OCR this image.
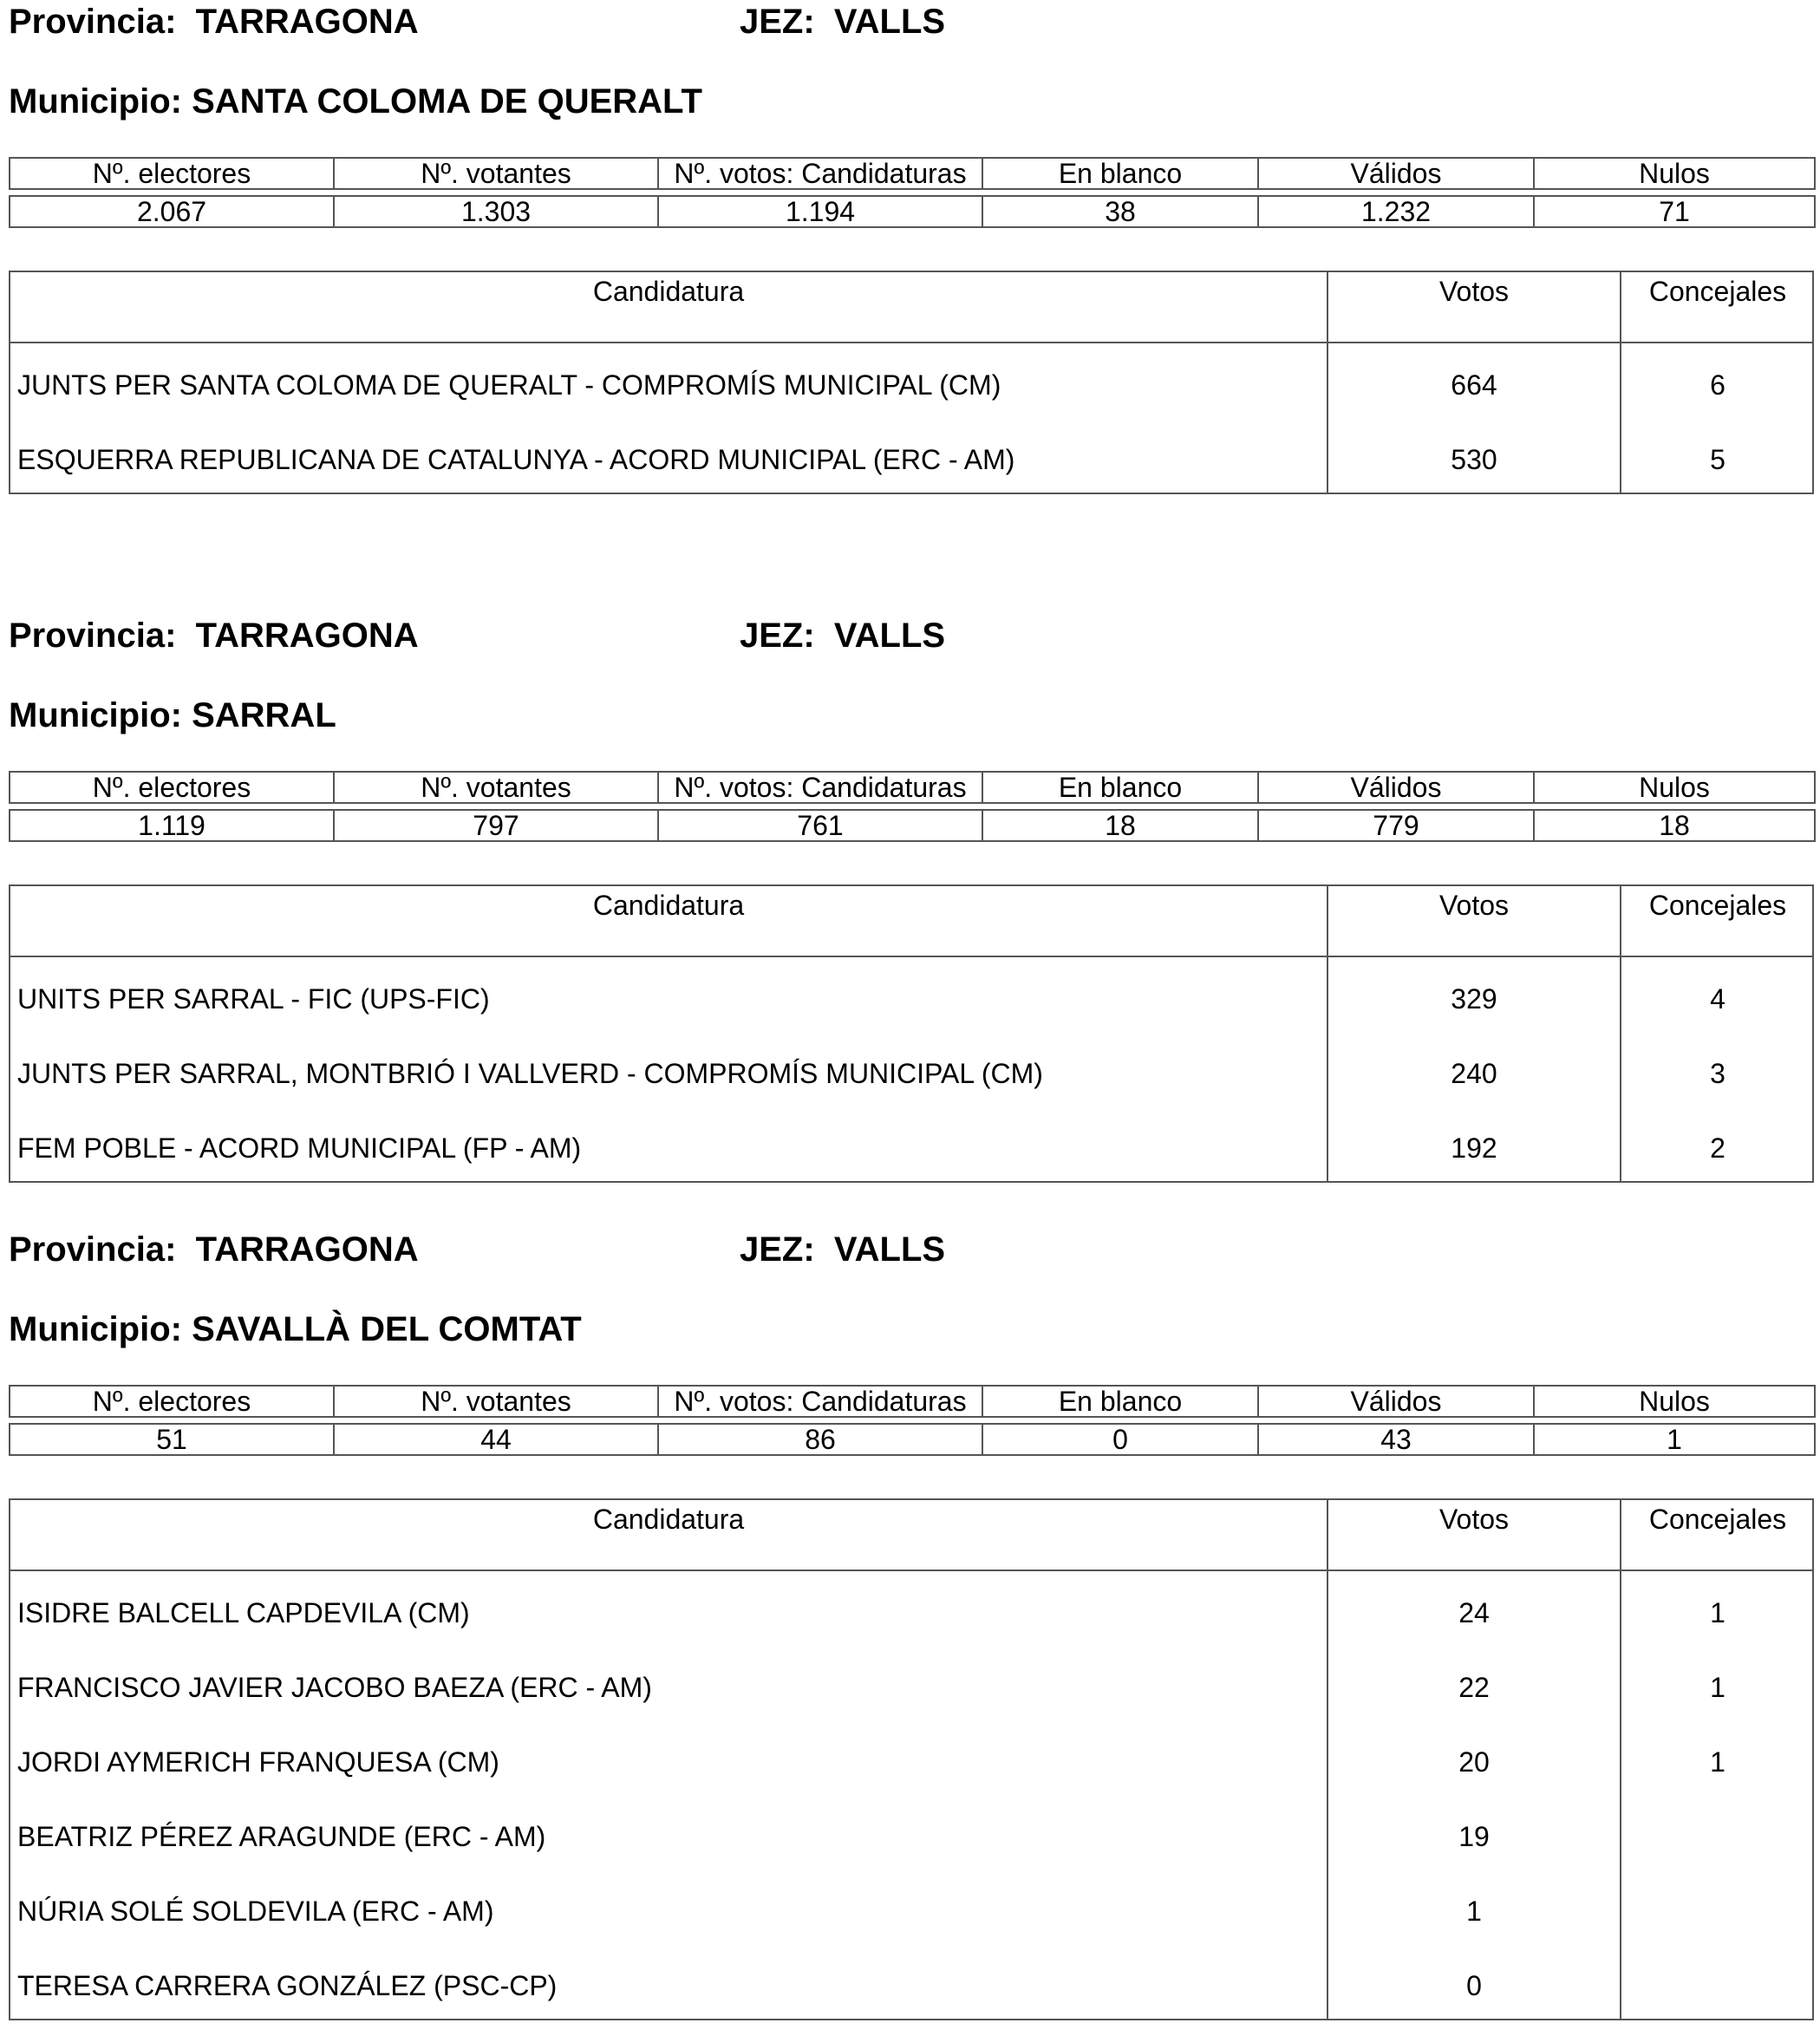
Provincia: TARRAGONA	JEZ: VALLS
Municipio: SANTA COLOMA DE QUERALT
Nº. electores	Nº. votantes	Nº. votos: Candidaturas	En blanco	Válidos	Nulos

2.067	1.303	1.194	38	1.232	71
Candidatura	Votos	Concejales
JUNTS PER SANTA COLOMA DE QUERALT - COMPROMÍS MUNICIPAL (CM)	664	6
ESQUERRA REPUBLICANA DE CATALUNYA - ACORD MUNICIPAL (ERC - AM)	530	5
Provincia: TARRAGONA	JEZ: VALLS
Municipio: SARRAL
Nº. electores	Nº. votantes	Nº. votos: Candidaturas	En blanco	Válidos	Nulos

1.119	797	761	18	779	18
Candidatura	Votos	Concejales
UNITS PER SARRAL - FIC (UPS-FIC)	329	4
JUNTS PER SARRAL, MONTBRIÓ I VALLVERD - COMPROMÍS MUNICIPAL (CM)	240	3
FEM POBLE - ACORD MUNICIPAL (FP - AM)	192	2
Provincia: TARRAGONA	JEZ: VALLS
Municipio: SAVALLÀ DEL COMTAT
Nº. electores	Nº. votantes	Nº. votos: Candidaturas	En blanco	Válidos	Nulos

51	44	86	0	43	1
Candidatura	Votos	Concejales
ISIDRE BALCELL CAPDEVILA (CM)	24	1
FRANCISCO JAVIER JACOBO BAEZA (ERC - AM)	22	1
JORDI AYMERICH FRANQUESA (CM)	20	1
BEATRIZ PÉREZ ARAGUNDE (ERC - AM)	19
NÚRIA SOLÉ SOLDEVILA (ERC - AM)	1
TERESA CARRERA GONZÁLEZ (PSC-CP)	0
